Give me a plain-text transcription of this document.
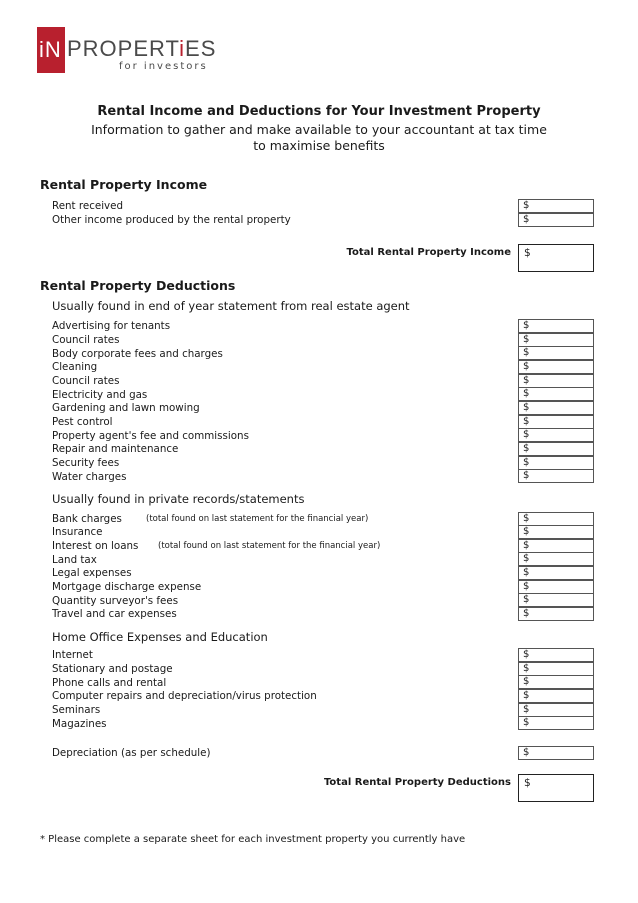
iN PROPERTiES
for investors
Rental Income and Deductions for Your Investment Property
Information to gather and make available to your accountant at tax time
to maximise benefits
Rental Property Income
Rent received	$
Other income produced by the rental property	$
Total Rental Property Income	$
Rental Property Deductions
Usually found in end of year statement from real estate agent
Advertising for tenants	$
Council rates	$
Body corporate fees and charges	$
Cleaning	$
Council rates	$
Electricity and gas	$
Gardening and lawn mowing	$
Pest control	$
Property agent's fee and commissions	$
Repair and maintenance	$
Security fees	$
Water charges	$
Usually found in private records/statements
Bank charges	(total found on last statement for the financial year)	$
Insurance	$
Interest on loans (total found on last statement for the financial year)	$
Land tax	$
Legal expenses	$
Mortgage discharge expense	$
Quantity surveyor's fees	$
Travel and car expenses	$
Home Office Expenses and Education
Internet	$
Stationary and postage	$
Phone calls and rental	$
Computer repairs and depreciation/virus protection	$
Seminars	$
Magazines	$
Depreciation (as per schedule)	$
Total Rental Property Deductions	$
* Please complete a separate sheet for each investment property you currently have
